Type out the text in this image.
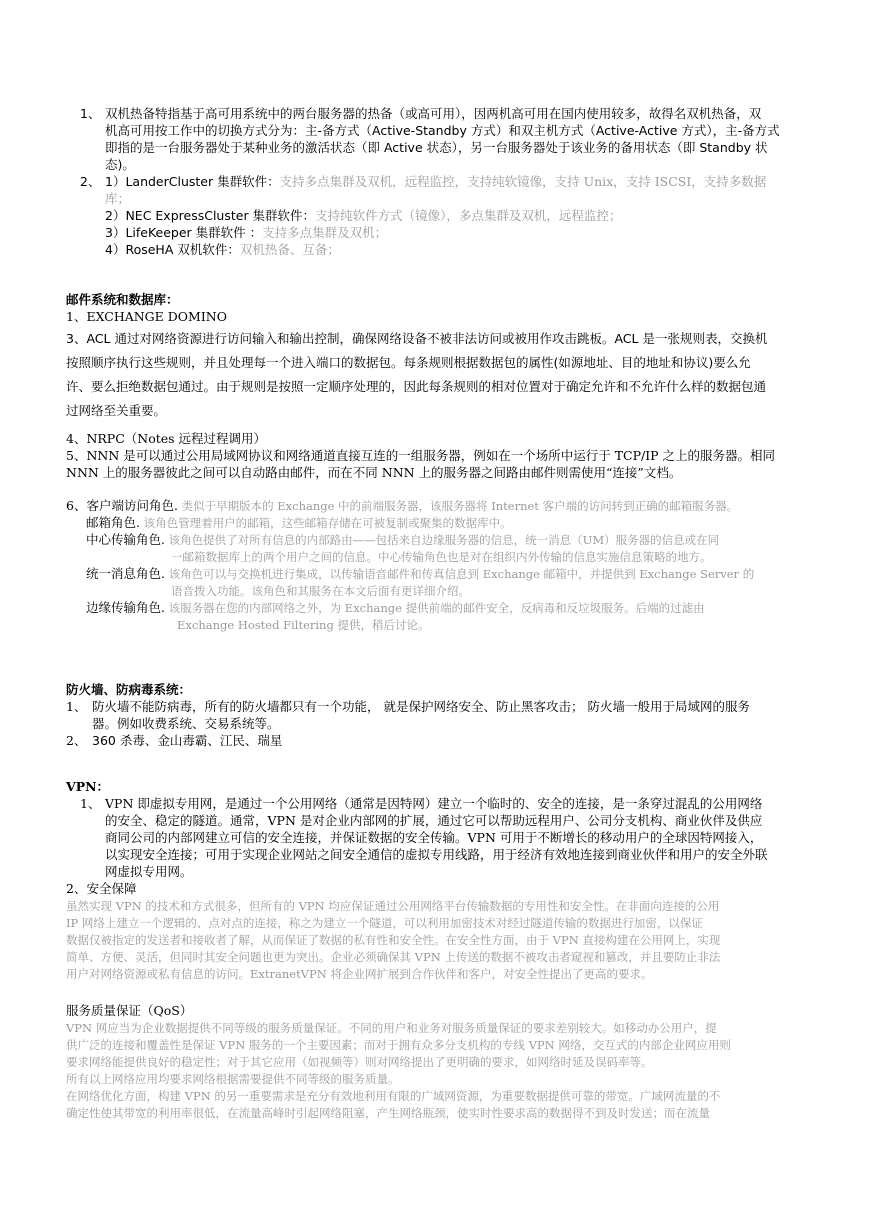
1、 双机热备特指基于高可用系统中的两台服务器的热备（或高可用），因两机高可用在国内使用较多，故得名双机热备，双
机高可用按工作中的切换方式分为：主-备方式（Active-Standby 方式）和双主机方式（Active-Active 方式），主-备方式
即指的是一台服务器处于某种业务的激活状态（即 Active 状态），另一台服务器处于该业务的备用状态（即 Standby 状
态)。
2、 1）LanderCluster 集群软件：支持多点集群及双机，远程监控，支持纯软镜像，支持 Unix，支持 ISCSI，支持多数据
库；
2）NEC ExpressCluster 集群软件：支持纯软件方式（镜像），多点集群及双机，远程监控；
3）LifeKeeper 集群软件 ：支持多点集群及双机；
4）RoseHA 双机软件：双机热备、互备；
邮件系统和数据库：
1、EXCHANGE DOMINO
3、ACL 通过对网络资源进行访问输入和输出控制，确保网络设备不被非法访问或被用作攻击跳板。ACL 是一张规则表，交换机
按照顺序执行这些规则，并且处理每一个进入端口的数据包。每条规则根据数据包的属性(如源地址、目的地址和协议)要么允
许、要么拒绝数据包通过。由于规则是按照一定顺序处理的，因此每条规则的相对位置对于确定允许和不允许什么样的数据包通
过网络至关重要。
4、NRPC（Notes 远程过程调用）
5、NNN 是可以通过公用局域网协议和网络通道直接互连的一组服务器，例如在一个场所中运行于 TCP/IP 之上的服务器。相同
NNN 上的服务器彼此之间可以自动路由邮件，而在不同 NNN 上的服务器之间路由邮件则需使用“连接”文档。
6、客户端访问角色. 类似于早期版本的 Exchange 中的前端服务器，该服务器将 Internet 客户端的访问转到正确的邮箱服务器。
邮箱角色. 该角色管理着用户的邮箱，这些邮箱存储在可被复制或聚集的数据库中。
中心传输角色. 该角色提供了对所有信息的内部路由——包括来自边缘服务器的信息，统一消息（UM）服务器的信息或在同
一邮箱数据库上的两个用户之间的信息。中心传输角色也是对在组织内外传输的信息实施信息策略的地方。
统一消息角色. 该角色可以与交换机进行集成，以传输语音邮件和传真信息到 Exchange 邮箱中，并提供到 Exchange Server 的
语音拨入功能。该角色和其服务在本文后面有更详细介绍。
边缘传输角色. 该服务器在您的内部网络之外，为 Exchange 提供前端的邮件安全，反病毒和反垃圾服务。后端的过滤由
Exchange Hosted Filtering 提供，稍后讨论。
防火墙、防病毒系统：
1、 防火墙不能防病毒，所有的防火墙都只有一个功能， 就是保护网络安全、防止黑客攻击； 防火墙一般用于局域网的服务
器。例如收费系统、交易系统等。
2、 360 杀毒、金山毒霸、江民、瑞星
VPN：
1、 VPN 即虚拟专用网，是通过一个公用网络（通常是因特网）建立一个临时的、安全的连接，是一条穿过混乱的公用网络
的安全、稳定的隧道。通常，VPN 是对企业内部网的扩展，通过它可以帮助远程用户、公司分支机构、商业伙伴及供应
商同公司的内部网建立可信的安全连接，并保证数据的安全传输。VPN 可用于不断增长的移动用户的全球因特网接入，
以实现安全连接；可用于实现企业网站之间安全通信的虚拟专用线路，用于经济有效地连接到商业伙伴和用户的安全外联
网虚拟专用网。
2、安全保障
虽然实现 VPN 的技术和方式很多，但所有的 VPN 均应保证通过公用网络平台传输数据的专用性和安全性。在非面向连接的公用
IP 网络上建立一个逻辑的、点对点的连接，称之为建立一个隧道，可以利用加密技术对经过隧道传输的数据进行加密，以保证
数据仅被指定的发送者和接收者了解，从而保证了数据的私有性和安全性。在安全性方面，由于 VPN 直接构建在公用网上，实现
简单、方便、灵活，但同时其安全问题也更为突出。企业必须确保其 VPN 上传送的数据不被攻击者窥视和篡改，并且要防止非法
用户对网络资源或私有信息的访问。ExtranetVPN 将企业网扩展到合作伙伴和客户，对安全性提出了更高的要求。
服务质量保证（QoS）
VPN 网应当为企业数据提供不同等级的服务质量保证。不同的用户和业务对服务质量保证的要求差别较大。如移动办公用户，提
供广泛的连接和覆盖性是保证 VPN 服务的一个主要因素；而对于拥有众多分支机构的专线 VPN 网络，交互式的内部企业网应用则
要求网络能提供良好的稳定性；对于其它应用（如视频等）则对网络提出了更明确的要求，如网络时延及误码率等。
所有以上网络应用均要求网络根据需要提供不同等级的服务质量。
在网络优化方面，构建 VPN 的另一重要需求是充分有效地利用有限的广域网资源，为重要数据提供可靠的带宽。广域网流量的不
确定性使其带宽的利用率很低，在流量高峰时引起网络阻塞，产生网络瓶颈，使实时性要求高的数据得不到及时发送；而在流量
